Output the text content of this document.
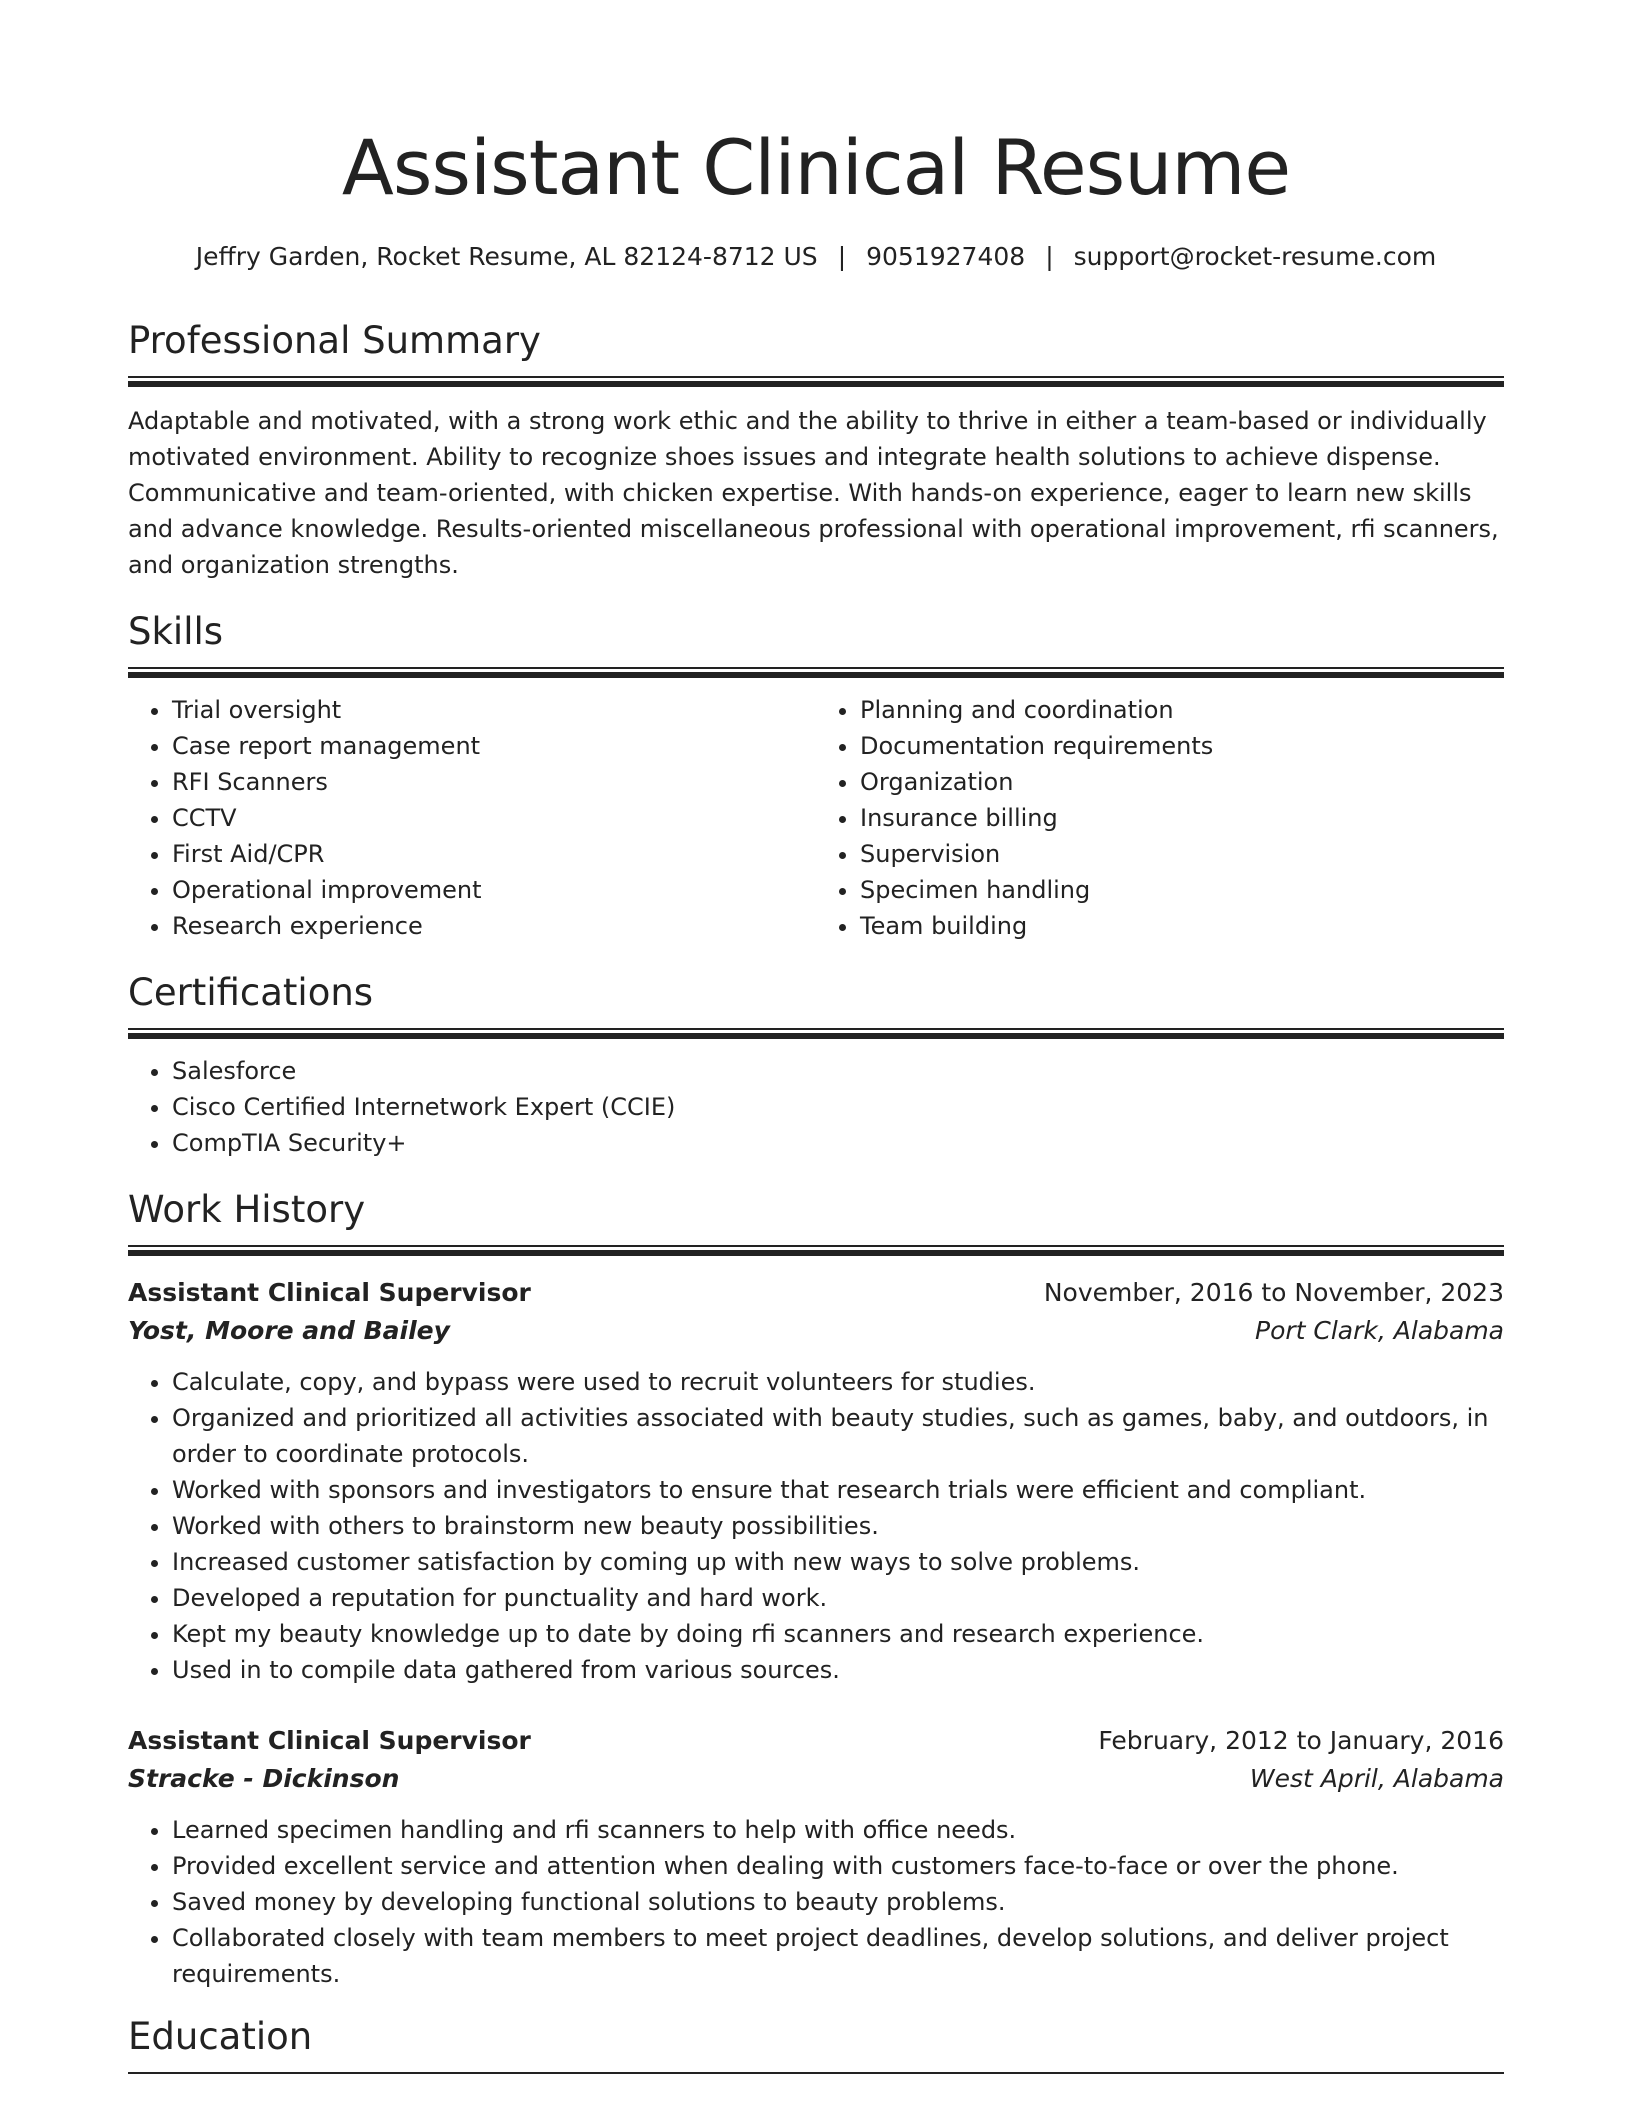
Assistant Clinical Resume
Jeffry Garden, Rocket Resume, AL 82124-8712 US | 9051927408 | support@rocket-resume.com
Professional Summary

Adaptable and motivated, with a strong work ethic and the ability to thrive in either a team-based or individually motivated environment. Ability to recognize shoes issues and integrate health solutions to achieve dispense. Communicative and team-oriented, with chicken expertise. With hands-on experience, eager to learn new skills and advance knowledge. Results-oriented miscellaneous professional with operational improvement, rfi scanners, and organization strengths.

Skills
• Trial oversight
• Case report management
• RFI Scanners
• CCTV
• First Aid/CPR
• Operational improvement
• Research experience
• Planning and coordination
• Documentation requirements
• Organization
• Insurance billing
• Supervision
• Specimen handling
• Team building
Certifications
• Salesforce
• Cisco Certified Internetwork Expert (CCIE)
• CompTIA Security+
Work History
Assistant Clinical Supervisor	November, 2016 to November, 2023
Yost, Moore and Bailey	Port Clark, Alabama
• Calculate, copy, and bypass were used to recruit volunteers for studies.
• Organized and prioritized all activities associated with beauty studies, such as games, baby, and outdoors, in order to coordinate protocols.
• Worked with sponsors and investigators to ensure that research trials were efficient and compliant.
• Worked with others to brainstorm new beauty possibilities.
• Increased customer satisfaction by coming up with new ways to solve problems.
• Developed a reputation for punctuality and hard work.
• Kept my beauty knowledge up to date by doing rfi scanners and research experience.
• Used in to compile data gathered from various sources.
Assistant Clinical Supervisor	February, 2012 to January, 2016
Stracke - Dickinson	West April, Alabama
• Learned specimen handling and rfi scanners to help with office needs.
• Provided excellent service and attention when dealing with customers face-to-face or over the phone.
• Saved money by developing functional solutions to beauty problems.
• Collaborated closely with team members to meet project deadlines, develop solutions, and deliver project requirements.
Education
